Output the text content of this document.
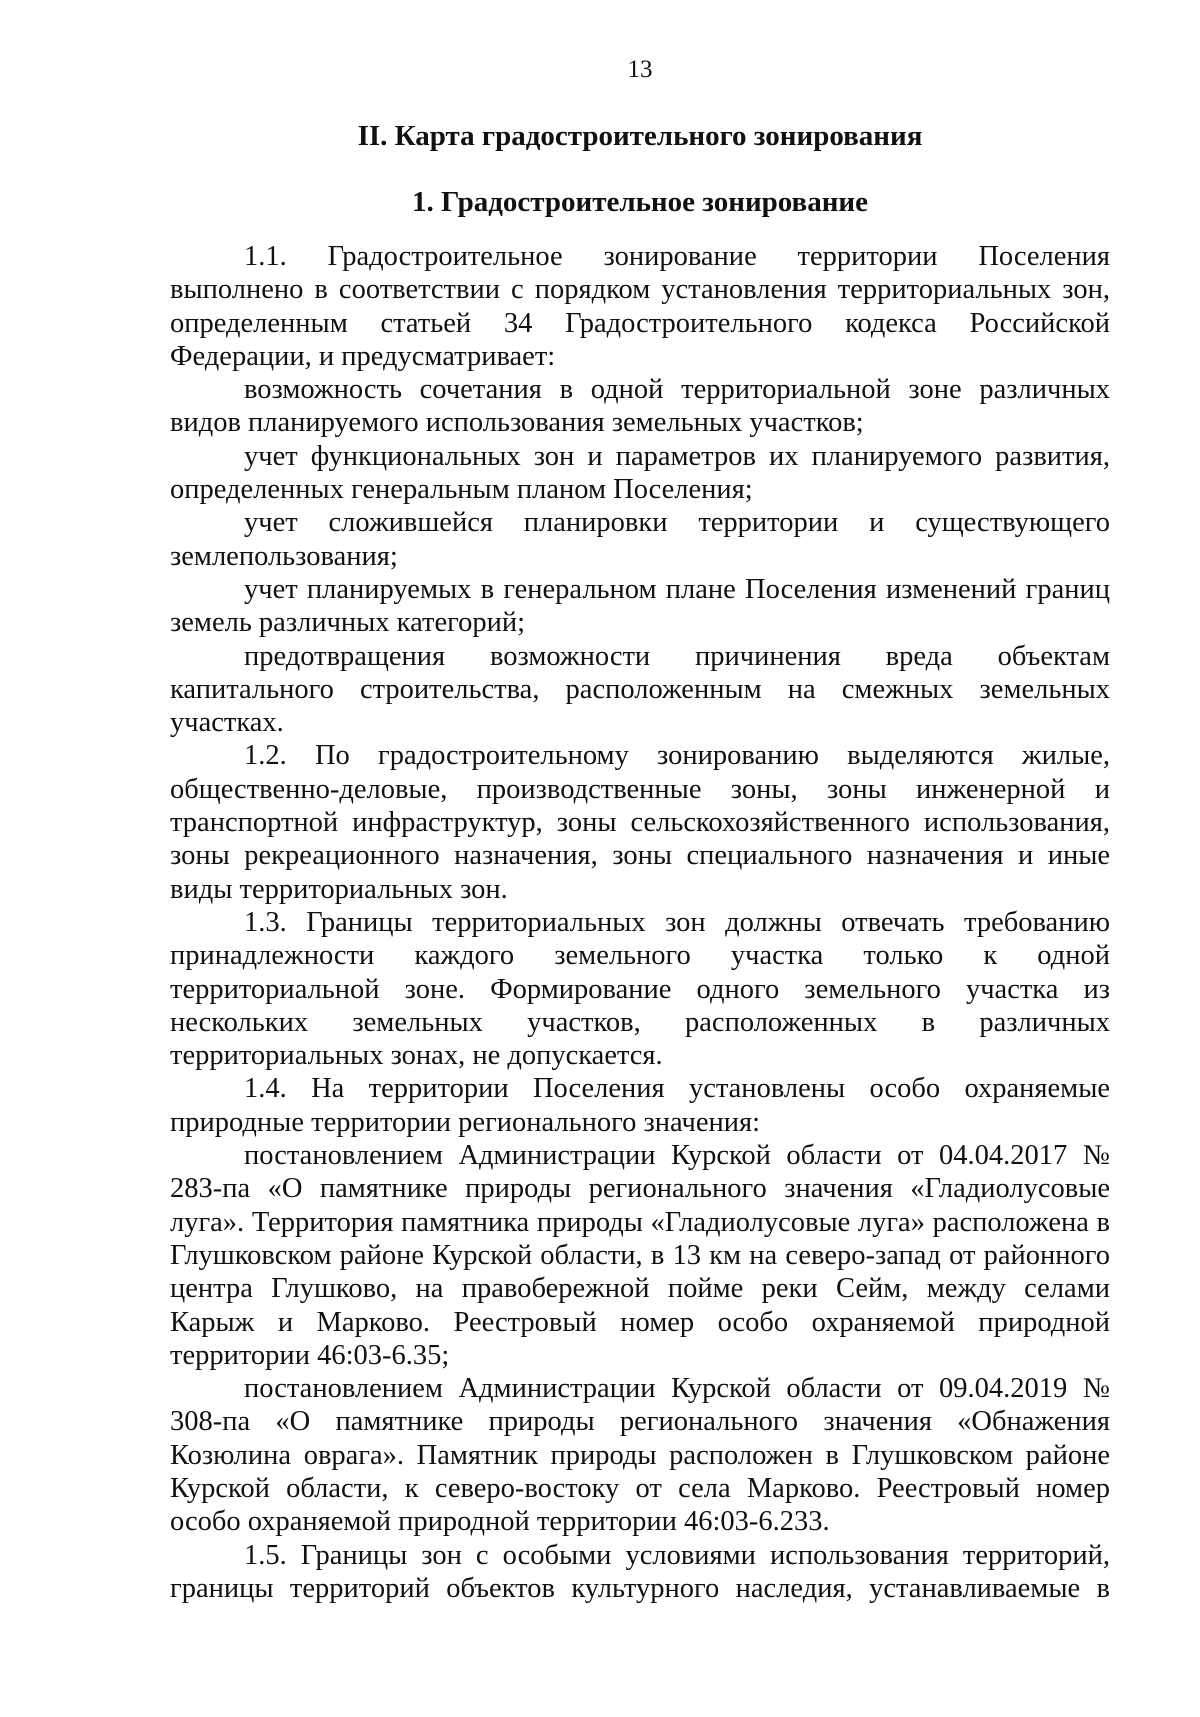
13
II. Карта градостроительного зонирования
1. Градостроительное зонирование

1.1. Градостроительное зонирование территории Поселения выполнено в соответствии с порядком установления территориальных зон, определенным статьей 34 Градостроительного кодекса Российской Федерации, и предусматривает:

возможность сочетания в одной территориальной зоне различных видов планируемого использования земельных участков;

учет функциональных зон и параметров их планируемого развития, определенных генеральным планом Поселения;

учет сложившейся планировки территории и существующего землепользования;

учет планируемых в генеральном плане Поселения изменений границ земель различных категорий;

предотвращения возможности причинения вреда объектам капитального строительства, расположенным на смежных земельных участках.

1.2. По градостроительному зонированию выделяются жилые, общественно-деловые, производственные зоны, зоны инженерной и транспортной инфраструктур, зоны сельскохозяйственного использования, зоны рекреационного назначения, зоны специального назначения и иные виды территориальных зон.

1.3. Границы территориальных зон должны отвечать требованию принадлежности каждого земельного участка только к одной территориальной зоне. Формирование одного земельного участка из нескольких земельных участков, расположенных в различных территориальных зонах, не допускается.

1.4. На территории Поселения установлены особо охраняемые природные территории регионального значения:

постановлением Администрации Курской области от 04.04.2017 № 283-па «О памятнике природы регионального значения «Гладиолусовые луга». Территория памятника природы «Гладиолусовые луга» расположена в Глушковском районе Курской области, в 13 км на северо-запад от районного центра Глушково, на правобережной пойме реки Сейм, между селами Карыж и Марково. Реестровый номер особо охраняемой природной территории 46:03-6.35;

постановлением Администрации Курской области от 09.04.2019 № 308-па «О памятнике природы регионального значения «Обнажения Козюлина оврага». Памятник природы расположен в Глушковском районе Курской области, к северо-востоку от села Марково. Реестровый номер особо охраняемой природной территории 46:03-6.233.

1.5. Границы зон с особыми условиями использования территорий, границы территорий объектов культурного наследия, устанавливаемые в
